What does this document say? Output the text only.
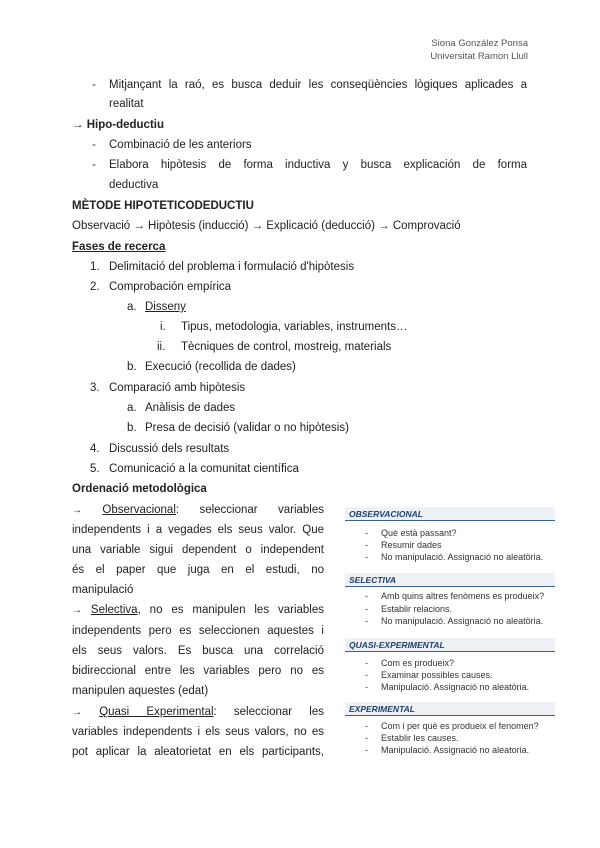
Siona González Ponsa
Universitat Ramon Llull
- Mitjançant la raó, es busca deduir les conseqüències lògiques aplicades a
realitat
→ Hipo-deductiu
- Combinació de les anteriors
- Elabora hipòtesis de forma inductiva y busca explicación de forma
deductiva
MÈTODE HIPOTETICODEDUCTIU
Observació → Hipòtesis (inducció) → Explicació (deducció) → Comprovació
Fases de recerca
1. Delimitació del problema i formulació d'hipòtesis
2. Comprobación empírica
a. Disseny
i. Tipus, metodologia, variables, instruments…
ii. Tècniques de control, mostreig, materials
b. Execució (recollida de dades)
3. Comparació amb hipòtesis
a. Anàlisis de dades
b. Presa de decisió (validar o no hipòtesis)
4. Discussió dels resultats
5. Comunicació a la comunitat científica
Ordenació metodològica
→ Observacional: seleccionar variables
independents i a vegades els seus valor. Que
una variable sigui dependent o independent
és el paper que juga en el estudi, no
manipulació
→ Selectiva, no es manipulen les variables
independents pero es seleccionen aquestes i
els seus valors. Es busca una correlació
bidireccional entre les variables pero no es
manipulen aquestes (edat)
→ Quasi Experimental: seleccionar les
variables independents i els seus valors, no es
pot aplicar la aleatorietat en els participants,
OBSERVACIONAL
- Què està passant?
- Resumir dades
- No manipulació. Assignació no aleatòria.
SELECTIVA
- Amb quins altres fenòmens es produeix?
- Establir relacions.
- No manipulació. Assignació no aleatòria.
QUASI-EXPERIMENTAL
- Com es produeix?
- Examinar possibles causes.
- Manipulació. Assignació no aleatòria.
EXPERIMENTAL
- Com i per què es produeix el fenomen?
- Establir les causes.
- Manipulació. Assignació no aleatoria.
